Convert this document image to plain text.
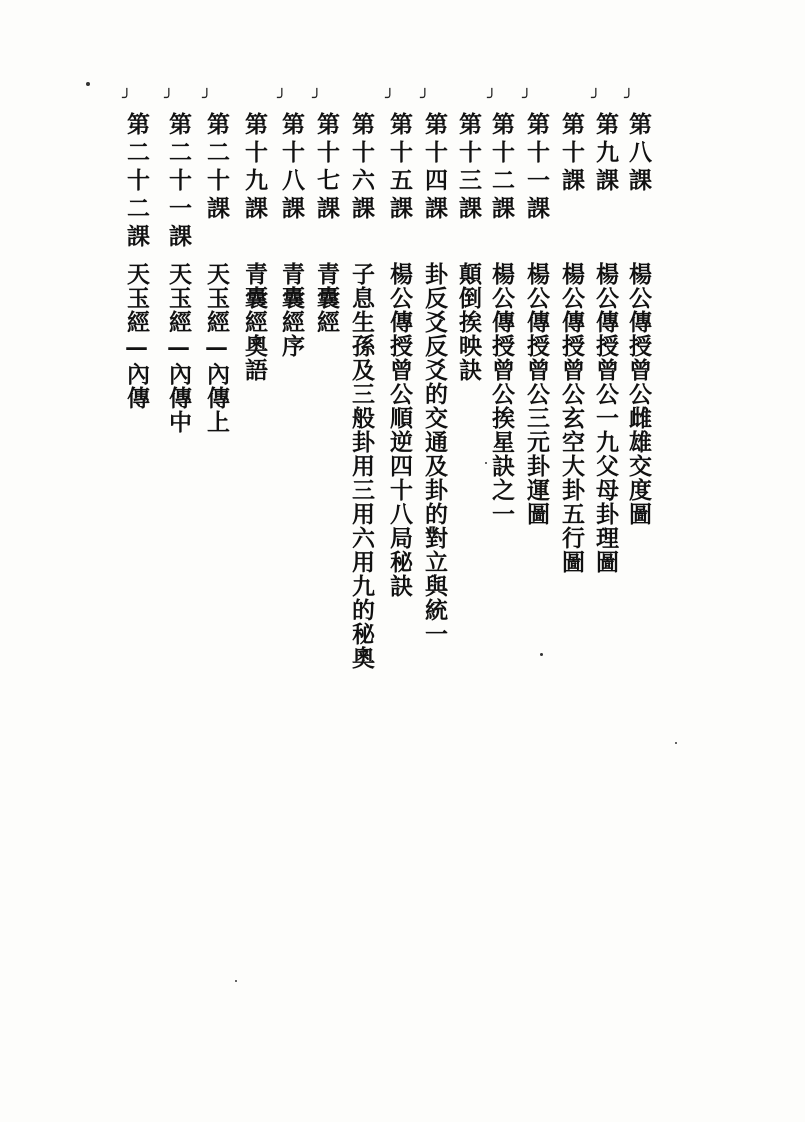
╯
第八課
楊公傳授曾公雌雄交度圖
╯
第九課
楊公傳授曾公一九父母卦理圖
第十課
楊公傳授曾公玄空大卦五行圖
╯
第十一課
楊公傳授曾公三元卦運圖
╯
第十二課
楊公傳授曾公挨星訣之一
第十三課
顛倒挨映訣
╯
第十四課
卦反爻反爻的交通及卦的對立與統一
╯
第十五課
楊公傳授曾公順逆四十八局秘訣
第十六課
子息生孫及三般卦用三用六用九的秘奧
╯
第十七課
青囊經
╯
第十八課
青囊經序
第十九課
青囊經奧語
╯
第二十課
天玉經—內傳上
╯
第二十一課
天玉經—內傳中
╯
第二十二課
天玉經—內傳
